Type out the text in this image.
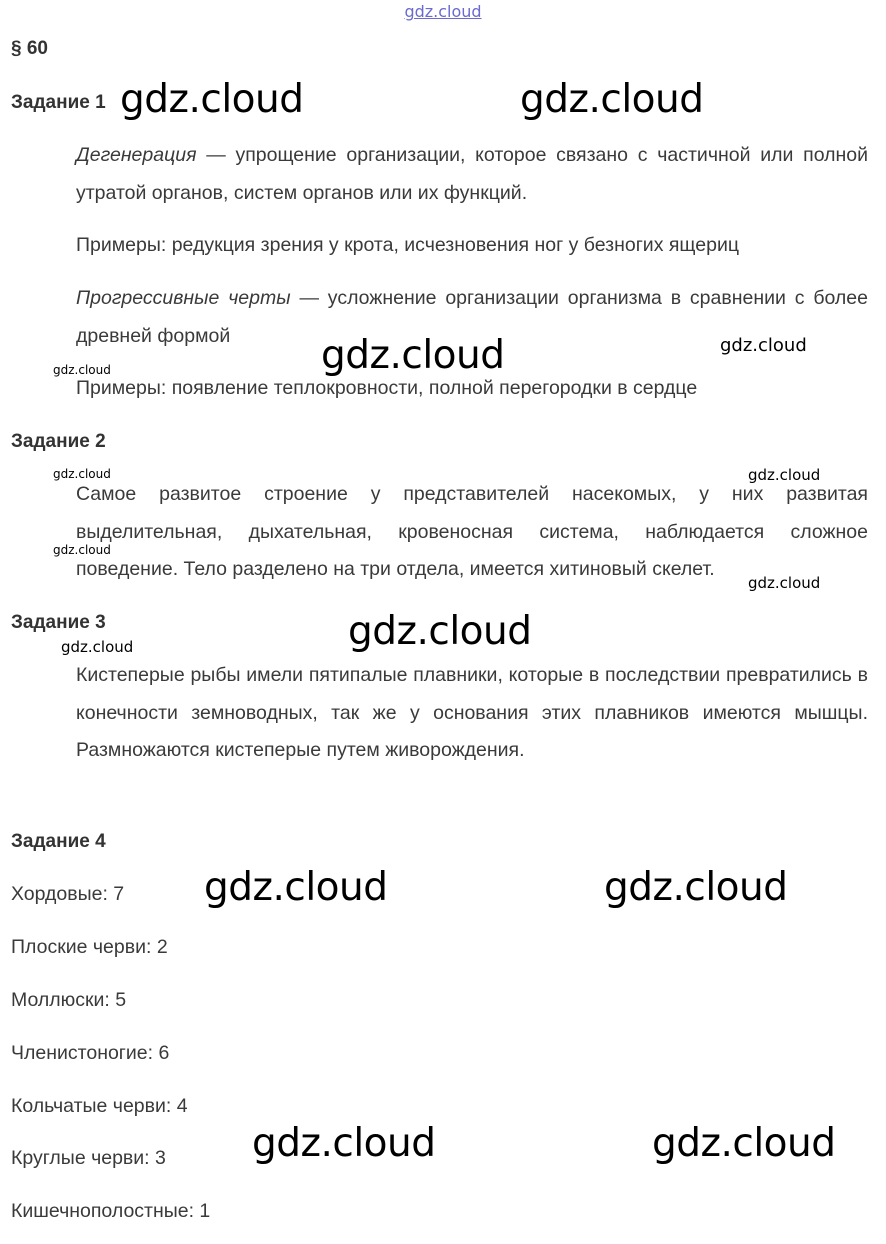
gdz.cloud
§ 60
Задание 1
Дегенерация — упрощение организации, которое связано с частичной или полной утратой органов, систем органов или их функций.
Примеры: редукция зрения у крота, исчезновения ног у безногих ящериц
Прогрессивные черты — усложнение организации организма в сравнении с более древней формой
Примеры: появление теплокровности, полной перегородки в сердце
Задание 2
Самое развитое строение у представителей насекомых, у них развитая выделительная, дыхательная, кровеносная система, наблюдается сложное поведение. Тело разделено на три отдела, имеется хитиновый скелет.
Задание 3
Кистеперые рыбы имели пятипалые плавники, которые в последствии превратились в конечности земноводных, так же у основания этих плавников имеются мышцы. Размножаются кистеперые путем живорождения.
Задание 4
Хордовые: 7
Плоские черви: 2
Моллюски: 5
Членистоногие: 6
Кольчатые черви: 4
Круглые черви: 3
Кишечнополостные: 1
gdz.cloud	gdz.cloud
gdz.cloud	gdz.cloud
gdz.cloud
gdz.cloud	gdz.cloud
gdz.cloud
gdz.cloud
gdz.cloud
gdz.cloud
gdz.cloud	gdz.cloud
gdz.cloud	gdz.cloud
